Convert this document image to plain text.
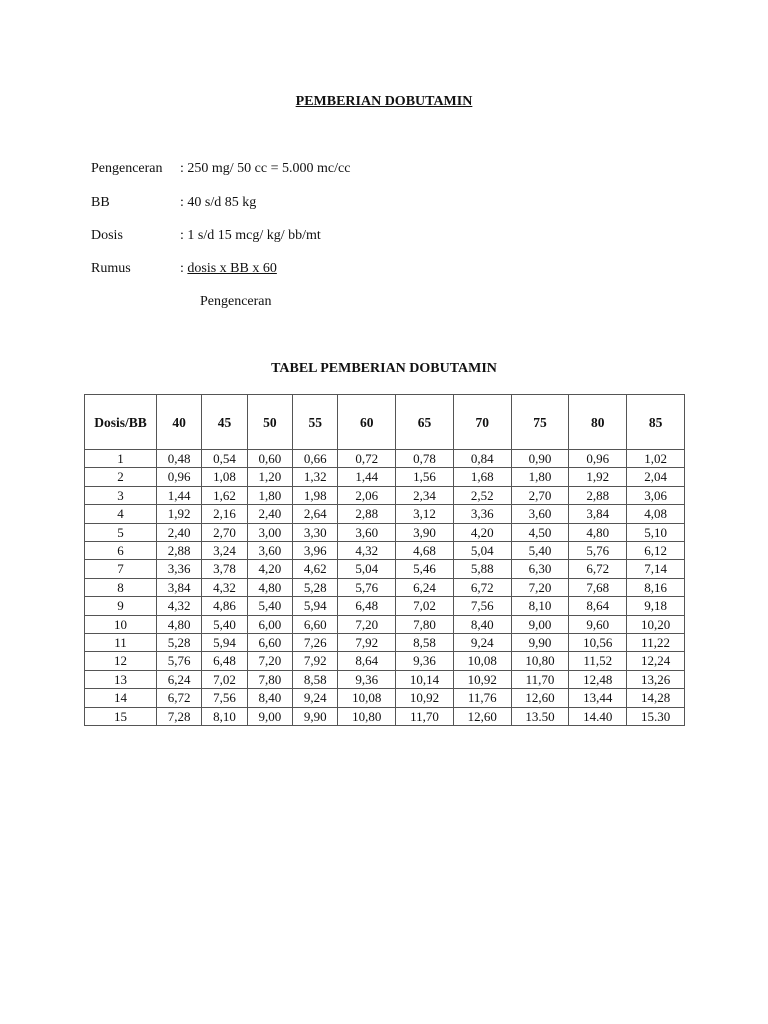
PEMBERIAN DOBUTAMIN
Pengenceran : 250 mg/ 50 cc = 5.000 mc/cc
BB	: 40 s/d 85 kg
Dosis	: 1 s/d 15 mcg/ kg/ bb/mt
Rumus	: dosis x BB x 60
Pengenceran
TABEL PEMBERIAN DOBUTAMIN
Dosis/BB	40	45	50	55	60	65	70	75	80	85
1	0,48	0,54	0,60	0,66	0,72	0,78	0,84	0,90	0,96	1,02
2	0,96	1,08	1,20	1,32	1,44	1,56	1,68	1,80	1,92	2,04
3	1,44	1,62	1,80	1,98	2,06	2,34	2,52	2,70	2,88	3,06
4	1,92	2,16	2,40	2,64	2,88	3,12	3,36	3,60	3,84	4,08
5	2,40	2,70	3,00	3,30	3,60	3,90	4,20	4,50	4,80	5,10
6	2,88	3,24	3,60	3,96	4,32	4,68	5,04	5,40	5,76	6,12
7	3,36	3,78	4,20	4,62	5,04	5,46	5,88	6,30	6,72	7,14
8	3,84	4,32	4,80	5,28	5,76	6,24	6,72	7,20	7,68	8,16
9	4,32	4,86	5,40	5,94	6,48	7,02	7,56	8,10	8,64	9,18
10	4,80	5,40	6,00	6,60	7,20	7,80	8,40	9,00	9,60	10,20
11	5,28	5,94	6,60	7,26	7,92	8,58	9,24	9,90	10,56	11,22
12	5,76	6,48	7,20	7,92	8,64	9,36	10,08	10,80	11,52	12,24
13	6,24	7,02	7,80	8,58	9,36	10,14	10,92	11,70	12,48	13,26
14	6,72	7,56	8,40	9,24	10,08	10,92	11,76	12,60	13,44	14,28
15	7,28	8,10	9,00	9,90	10,80	11,70	12,60	13.50	14.40	15.30
